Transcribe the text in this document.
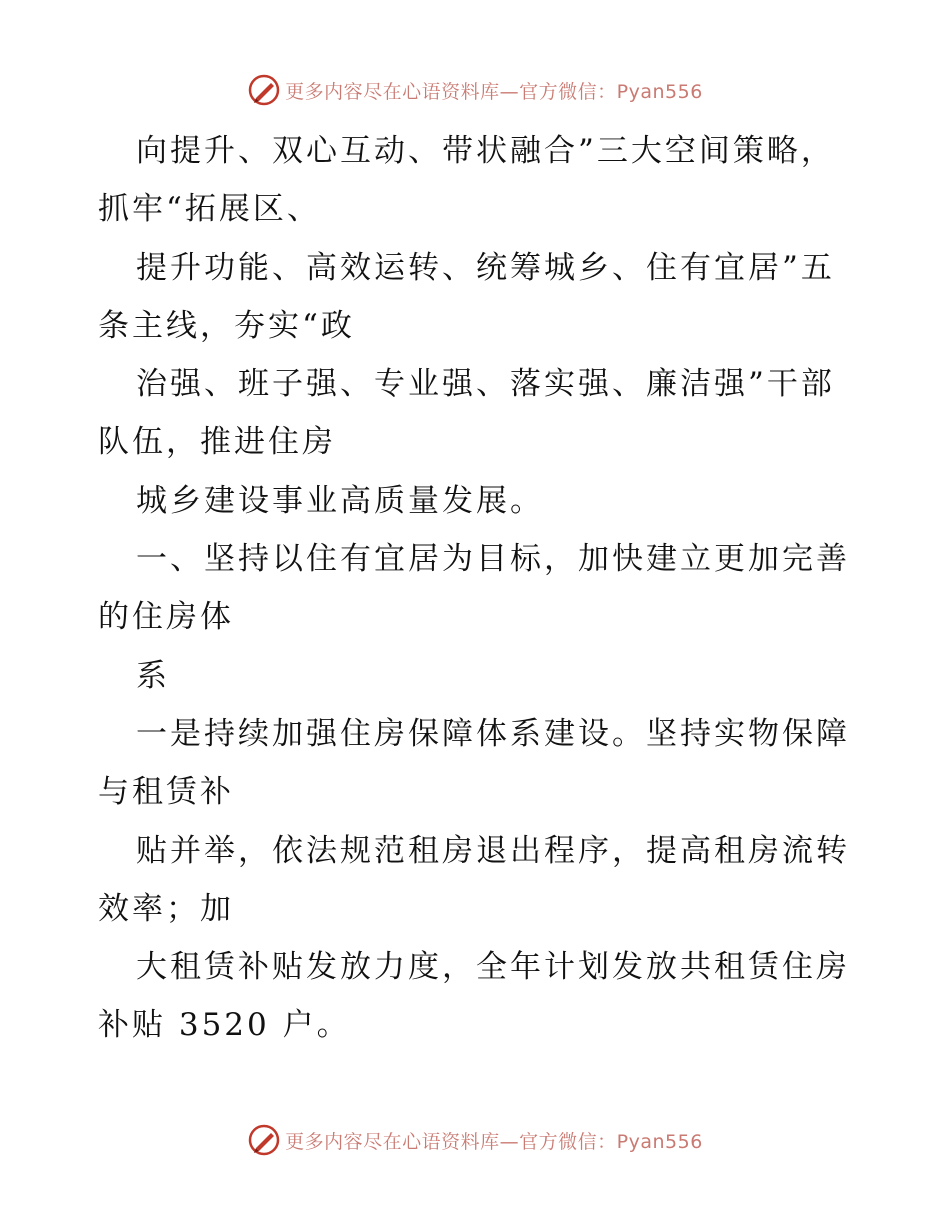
更多内容尽在心语资料库—官方微信：Pyan556
向提升、双心互动、带状融合”三大空间策略，
抓牢“拓展区、
提升功能、高效运转、统筹城乡、住有宜居”五
条主线，夯实“政
治强、班子强、专业强、落实强、廉洁强”干部
队伍，推进住房
城乡建设事业高质量发展。
一、坚持以住有宜居为目标，加快建立更加完善
的住房体
系
一是持续加强住房保障体系建设。坚持实物保障
与租赁补
贴并举，依法规范租房退出程序，提高租房流转
效率；加
大租赁补贴发放力度，全年计划发放共租赁住房
补贴 3520 户。
更多内容尽在心语资料库—官方微信：Pyan556
